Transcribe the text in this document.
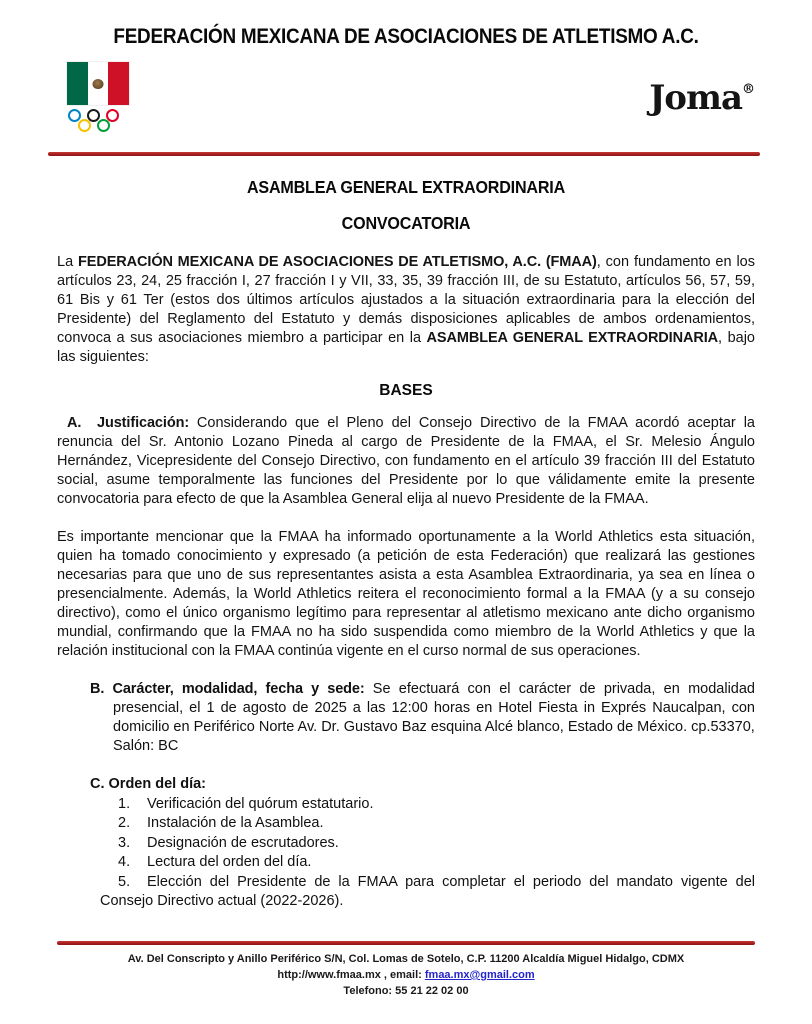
FEDERACIÓN MEXICANA DE ASOCIACIONES DE ATLETISMO A.C.
Joma®
ASAMBLEA GENERAL EXTRAORDINARIA
CONVOCATORIA

La FEDERACIÓN MEXICANA DE ASOCIACIONES DE ATLETISMO, A.C. (FMAA), con fundamento en los artículos 23, 24, 25 fracción I, 27 fracción I y VII, 33, 35, 39 fracción III, de su Estatuto, artículos 56, 57, 59, 61 Bis y 61 Ter (estos dos últimos artículos ajustados a la situación extraordinaria para la elección del Presidente) del Reglamento del Estatuto y demás disposiciones aplicables de ambos ordenamientos, convoca a sus asociaciones miembro a participar en la ASAMBLEA GENERAL EXTRAORDINARIA, bajo las siguientes:

BASES

A.  Justificación: Considerando que el Pleno del Consejo Directivo de la FMAA acordó aceptar la renuncia del Sr. Antonio Lozano Pineda al cargo de Presidente de la FMAA, el Sr. Melesio Ángulo Hernández, Vicepresidente del Consejo Directivo, con fundamento en el artículo 39 fracción III del Estatuto social, asume temporalmente las funciones del Presidente por lo que válidamente emite la presente convocatoria para efecto de que la Asamblea General elija al nuevo Presidente de la FMAA.

Es importante mencionar que la FMAA ha informado oportunamente a la World Athletics esta situación, quien ha tomado conocimiento y expresado (a petición de esta Federación) que realizará las gestiones necesarias para que uno de sus representantes asista a esta Asamblea Extraordinaria, ya sea en línea o presencialmente. Además, la World Athletics reitera el reconocimiento formal a la FMAA (y a su consejo directivo), como el único organismo legítimo para representar al atletismo mexicano ante dicho organismo mundial, confirmando que la FMAA no ha sido suspendida como miembro de la World Athletics y que la relación institucional con la FMAA continúa vigente en el curso normal de sus operaciones.

B. Carácter, modalidad, fecha y sede: Se efectuará con el carácter de privada, en modalidad presencial, el 1 de agosto de 2025 a las 12:00 horas en Hotel Fiesta in Exprés Naucalpan, con domicilio en Periférico Norte Av. Dr. Gustavo Baz esquina Alcé blanco, Estado de México. cp.53370,

Salón: BC
C. Orden del día:
1. Verificación del quórum estatutario.
2. Instalación de la Asamblea.
3. Designación de escrutadores.
4. Lectura del orden del día.
5. Elección del Presidente de la FMAA para completar el periodo del mandato vigente del Consejo Directivo actual (2022-2026).
Av. Del Conscripto y Anillo Periférico S/N, Col. Lomas de Sotelo, C.P. 11200 Alcaldía Miguel Hidalgo, CDMX
http://www.fmaa.mx , email: fmaa.mx@gmail.com
Telefono: 55 21 22 02 00
